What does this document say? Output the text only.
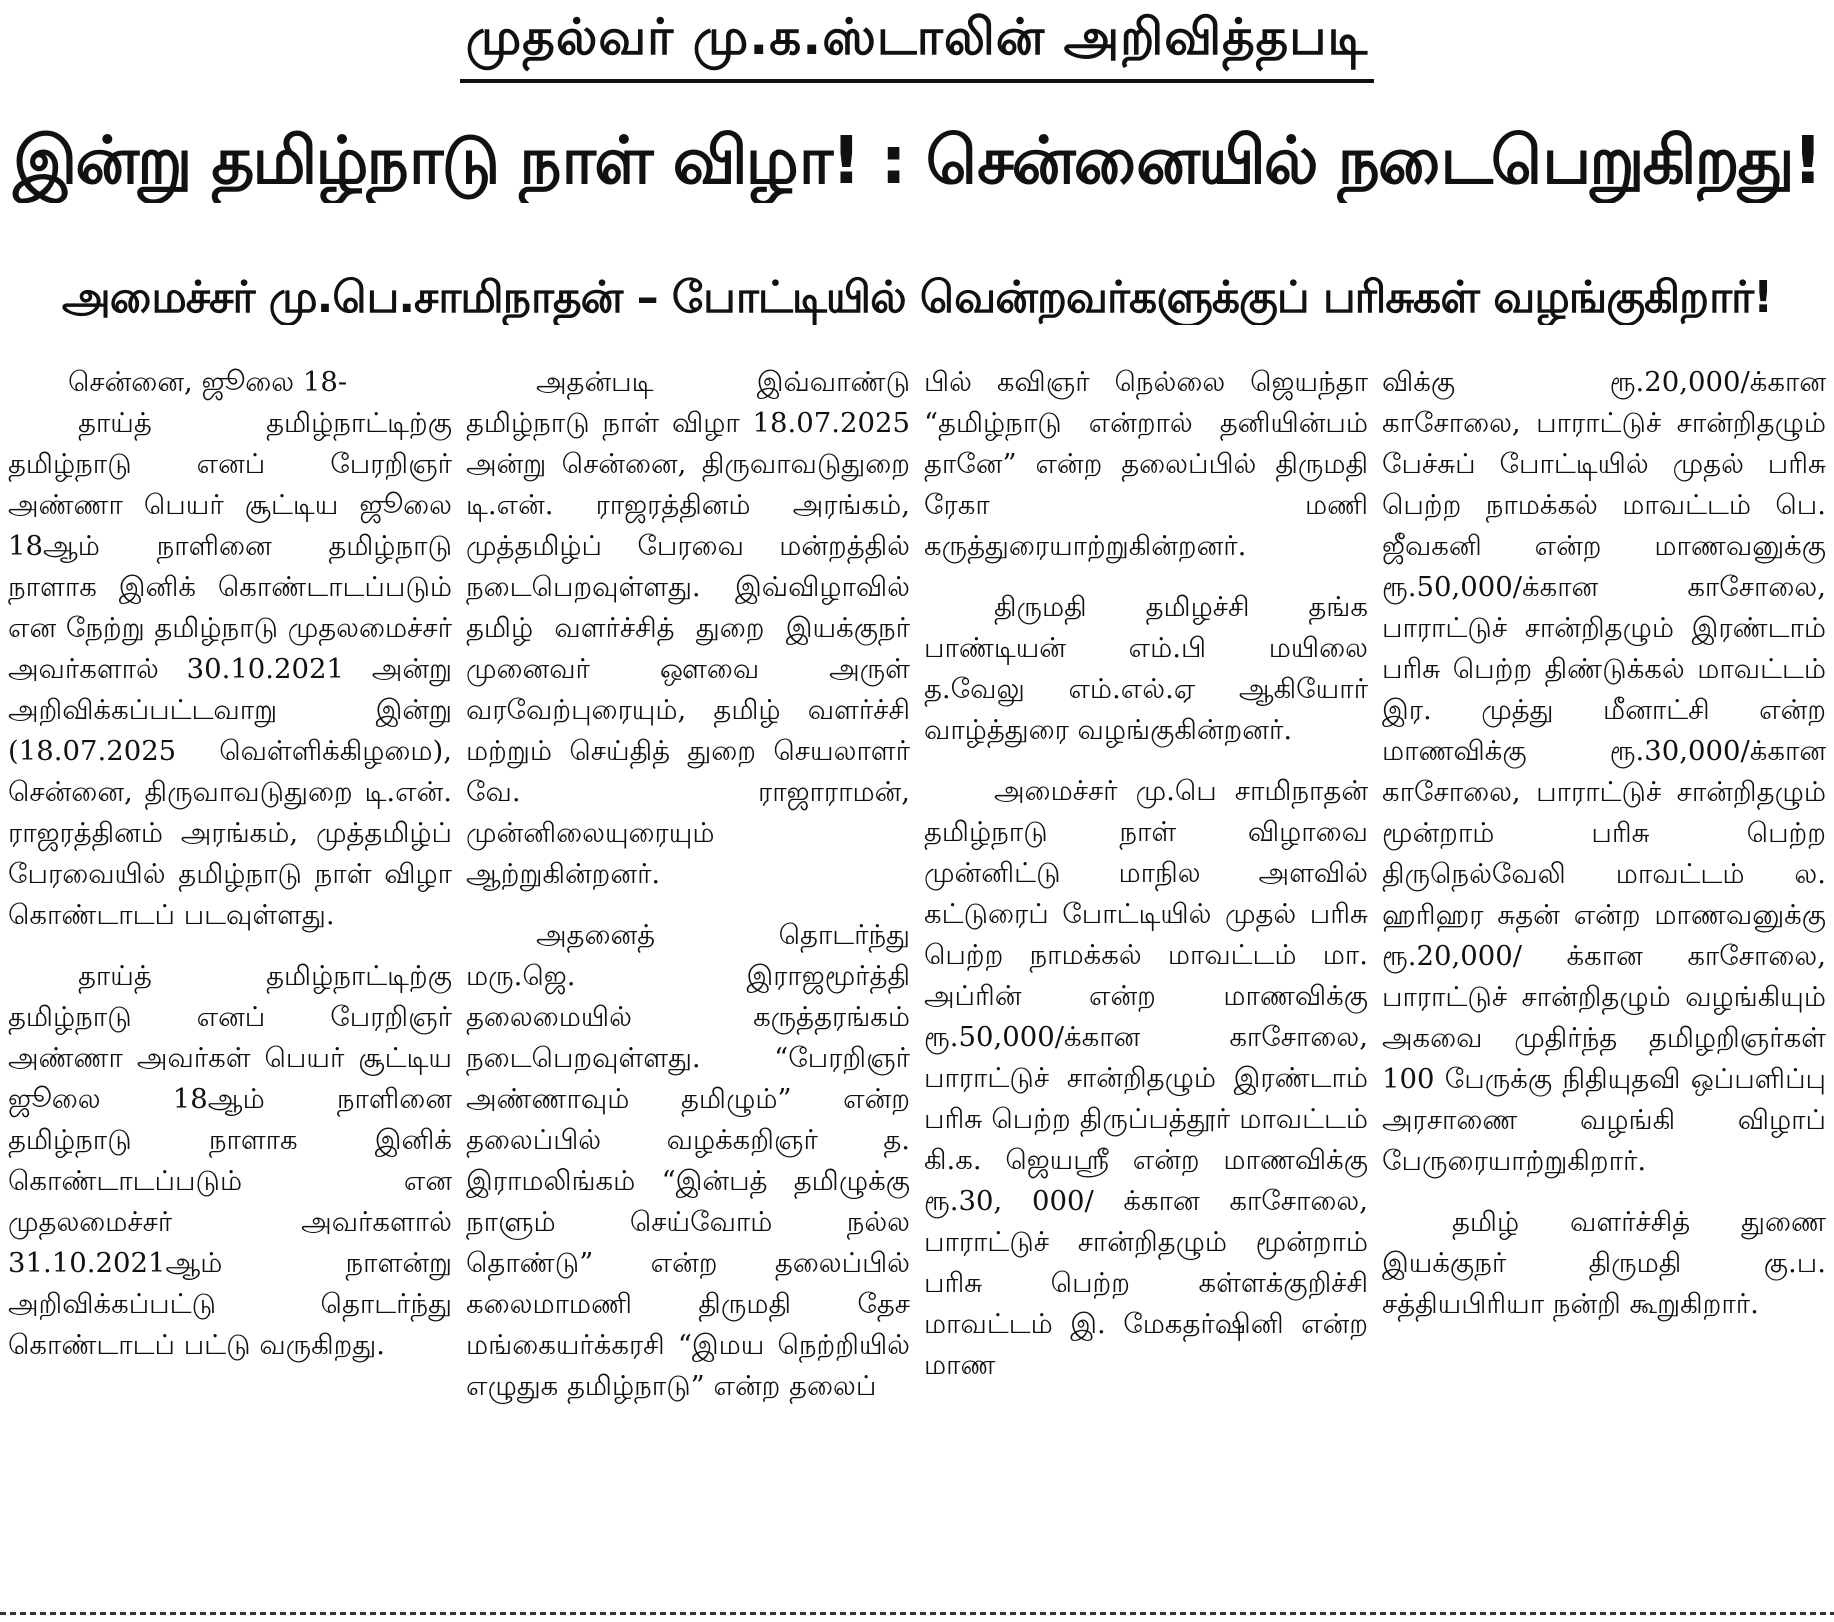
முதல்வர் மு.க.ஸ்டாலின் அறிவித்தபடி
இன்று தமிழ்நாடு நாள் விழா! : சென்னையில் நடைபெறுகிறது!
அமைச்சர் மு.பெ.சாமிநாதன் – போட்டியில் வென்றவர்களுக்குப் பரிசுகள் வழங்குகிறார்!

சென்னை, ஜூலை 18-

தாய்த் தமிழ்நாட்டிற்கு தமிழ்நாடு எனப் பேரறிஞர் அண்ணா பெயர் சூட்டிய ஜூலை 18ஆம் நாளினை தமிழ்நாடு நாளாக இனிக் கொண்டாடப்படும் என நேற்று தமிழ்நாடு முதலமைச்சர் அவர்களால் 30.10.2021 அன்று அறிவிக்கப்பட்டவாறு இன்று (18.07.2025 வெள்ளிக்கிழமை), சென்னை, திருவாவடுதுறை டி.என். ராஜரத்தினம் அரங்கம், முத்தமிழ்ப் பேரவையில் தமிழ்நாடு நாள் விழா கொண்டாடப் படவுள்ளது.

தாய்த் தமிழ்நாட்டிற்கு தமிழ்நாடு எனப் பேரறிஞர் அண்ணா அவர்கள் பெயர் சூட்டிய ஜூலை 18ஆம் நாளினை தமிழ்நாடு நாளாக இனிக் கொண்டாடப்படும் என முதலமைச்சர் அவர்களால் 31.10.2021ஆம் நாளன்று அறிவிக்கப்பட்டு தொடர்ந்து கொண்டாடப் பட்டு வருகிறது.

அதன்படி இவ்வாண்டு தமிழ்நாடு நாள் விழா 18.07.2025 அன்று சென்னை, திருவாவடுதுறை டி.என். ராஜரத்தினம் அரங்கம், முத்தமிழ்ப் பேரவை மன்றத்தில் நடைபெறவுள்ளது. இவ்விழாவில் தமிழ் வளர்ச்சித் துறை இயக்குநர் முனைவர் ஔவை அருள் வரவேற்புரையும், தமிழ் வளர்ச்சி மற்றும் செய்தித் துறை செயலாளர் வே. ராஜாராமன், முன்னிலையுரையும் ஆற்றுகின்றனர்.

அதனைத் தொடர்ந்து மரு.ஜெ. இராஜமூர்த்தி தலைமையில் கருத்தரங்கம் நடைபெறவுள்ளது. “பேரறிஞர் அண்ணாவும் தமிழும்” என்ற தலைப்பில் வழக்கறிஞர் த. இராமலிங்கம் “இன்பத் தமிழுக்கு நாளும் செய்வோம் நல்ல தொண்டு” என்ற தலைப்பில் கலைமாமணி திருமதி தேச மங்கையர்க்கரசி “இமய நெற்றியில் எழுதுக தமிழ்நாடு” என்ற தலைப்

பில் கவிஞர் நெல்லை ஜெயந்தா “தமிழ்நாடு என்றால் தனியின்பம் தானே” என்ற தலைப்பில் திருமதி ரேகா மணி கருத்துரையாற்றுகின்றனர்.

திருமதி தமிழச்சி தங்க பாண்டியன் எம்.பி மயிலை த.வேலு எம்.எல்.ஏ ஆகியோர் வாழ்த்துரை வழங்குகின்றனர்.

அமைச்சர் மு.பெ சாமிநாதன் தமிழ்நாடு நாள் விழாவை முன்னிட்டு மாநில அளவில் கட்டுரைப் போட்டியில் முதல் பரிசு பெற்ற நாமக்கல் மாவட்டம் மா. அப்ரின் என்ற மாணவிக்கு ரூ.50,000/க்கான காசோலை, பாராட்டுச் சான்றிதழும் இரண்டாம் பரிசு பெற்ற திருப்பத்தூர் மாவட்டம் கி.க. ஜெயஸ்ரீ என்ற மாணவிக்கு ரூ.30, 000/ க்கான காசோலை, பாராட்டுச் சான்றிதழும் மூன்றாம் பரிசு பெற்ற கள்ளக்குறிச்சி மாவட்டம் இ. மேகதர்ஷினி என்ற மாண

விக்கு ரூ.20,000/க்கான காசோலை, பாராட்டுச் சான்றிதழும் பேச்சுப் போட்டியில் முதல் பரிசு பெற்ற நாமக்கல் மாவட்டம் பெ. ஜீவகனி என்ற மாணவனுக்கு ரூ.50,000/க்கான காசோலை, பாராட்டுச் சான்றிதழும் இரண்டாம் பரிசு பெற்ற திண்டுக்கல் மாவட்டம் இர. முத்து மீனாட்சி என்ற மாணவிக்கு ரூ.30,000/க்கான காசோலை, பாராட்டுச் சான்றிதழும் மூன்றாம் பரிசு பெற்ற திருநெல்வேலி மாவட்டம் ல. ஹரிஹர சுதன் என்ற மாணவனுக்கு ரூ.20,000/ க்கான காசோலை, பாராட்டுச் சான்றிதழும் வழங்கியும் அகவை முதிர்ந்த தமிழறிஞர்கள் 100 பேருக்கு நிதியுதவி ஒப்பளிப்பு அரசாணை வழங்கி விழாப் பேருரையாற்றுகிறார்.

தமிழ் வளர்ச்சித் துணை இயக்குநர் திருமதி கு.ப. சத்தியபிரியா நன்றி கூறுகிறார்.
